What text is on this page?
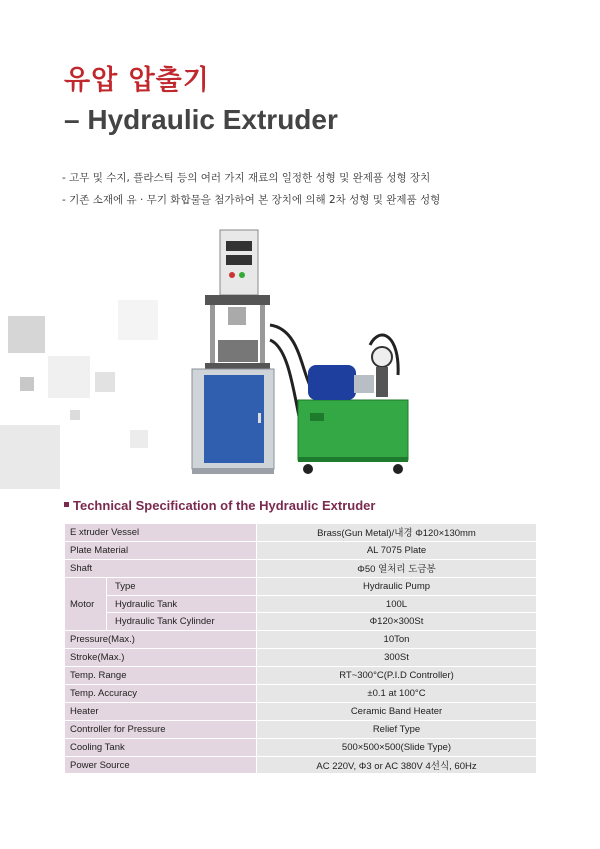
유압 압출기
– Hydraulic Extruder
- 고무 및 수지, 플라스틱 등의 여러 가지 재료의 일정한 성형 및 완제품 성형 장치
- 기존 소재에 유 · 무기 화합물을 첨가하여 본 장치에 의해 2차 성형 및 완제품 성형
Technical Specification of the Hydraulic Extruder
E xtruder Vessel		Brass(Gun Metal)/내경 Φ120×130mm
Plate Material		AL 7075 Plate
Shaft		Φ50 열처리 도금봉
Motor	Type	Hydraulic Pump
	Hydraulic Tank	100L
	Hydraulic Tank Cylinder	Φ120×300St
Pressure(Max.)		10Ton
Stroke(Max.)		300St
Temp. Range		RT~300°C(P.I.D Controller)
Temp. Accuracy		±0.1 at 100°C
Heater		Ceramic Band Heater
Controller for Pressure		Relief Type
Cooling Tank		500×500×500(Slide Type)
Power Source		AC 220V, Φ3 or AC 380V 4선식, 60Hz
